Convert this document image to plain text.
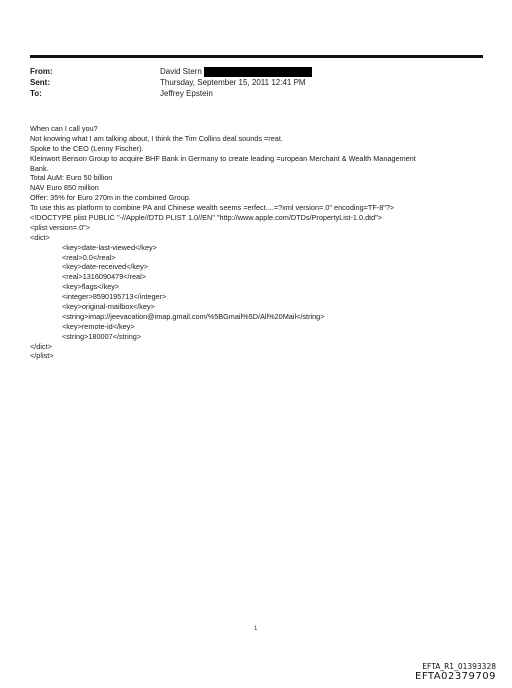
From:	David Stern
Sent:	Thursday, September 15, 2011 12:41 PM
To:	Jeffrey Epstein
When can I call you?
Not knowing what I am talking about, I think the Tim Collins deal sounds =reat.
Spoke to the CEO (Lenny Fischer).
Kleinwort Benson Group to acquire BHF Bank in Germany to create leading =uropean Merchant & Wealth Management
Bank.
Total AuM: Euro 50 billion
NAV Euro 850 million
Offer: 35% for Euro 270m in the combined Group.
To use this as platform to combine PA and Chinese wealth seems =erfect....=?xml version=.0" encoding=TF-8"?>
<!DOCTYPE plist PUBLIC "-//Apple//DTD PLIST 1.0//EN" "http://www.apple.com/DTDs/PropertyList-1.0.dtd">
<plist version=.0">
<dict>
<key>date-last-viewed</key>
<real>0.0</real>
<key>date-received</key>
<real>1316090479</real>
<key>flags</key>
<integer>8590195713</integer>
<key>original-mailbox</key>
<string>imap://jeevacation@imap.gmail.com/%5BGmail%5D/All%20Mail</string>
<key>remote-id</key>
<string>180007</string>
</dict>
</plist>
1
EFTA_R1_01393328
EFTA02379709
